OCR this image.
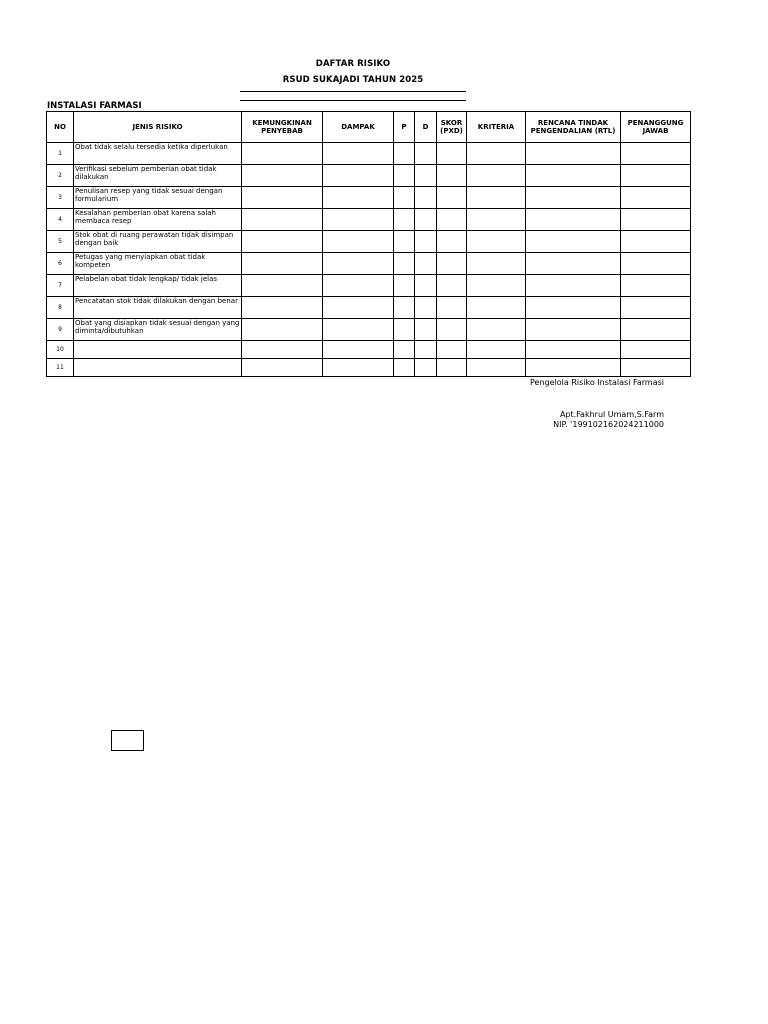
DAFTAR RISIKO
RSUD SUKAJADI TAHUN 2025
INSTALASI FARMASI
NO	JENIS RISIKO	KEMUNGKINAN PENYEBAB	DAMPAK	P	D	SKOR (PXD)	KRITERIA	RENCANA TINDAK PENGENDALIAN (RTL)	PENANGGUNG JAWAB
1	Obat tidak selalu tersedia ketika diperlukan								
2	Verifikasi sebelum pemberian obat tidak dilakukan								
3	Penulisan resep yang tidak sesuai dengan formularium								
4	Kesalahan pemberian obat karena salah membaca resep								
5	Stok obat di ruang perawatan tidak disimpan dengan baik								
6	Petugas yang menyiapkan obat tidak kompeten								
7	Pelabelan obat tidak lengkap/ tidak jelas								
8	Pencatatan stok tidak dilakukan dengan benar								
9	Obat yang disiapkan tidak sesuai dengan yang diminta/dibutuhkan								
10									
11									
Pengelola Risiko Instalasi Farmasi
Apt.Fakhrul Umam,S.Farm
NIP. '199102162024211000
